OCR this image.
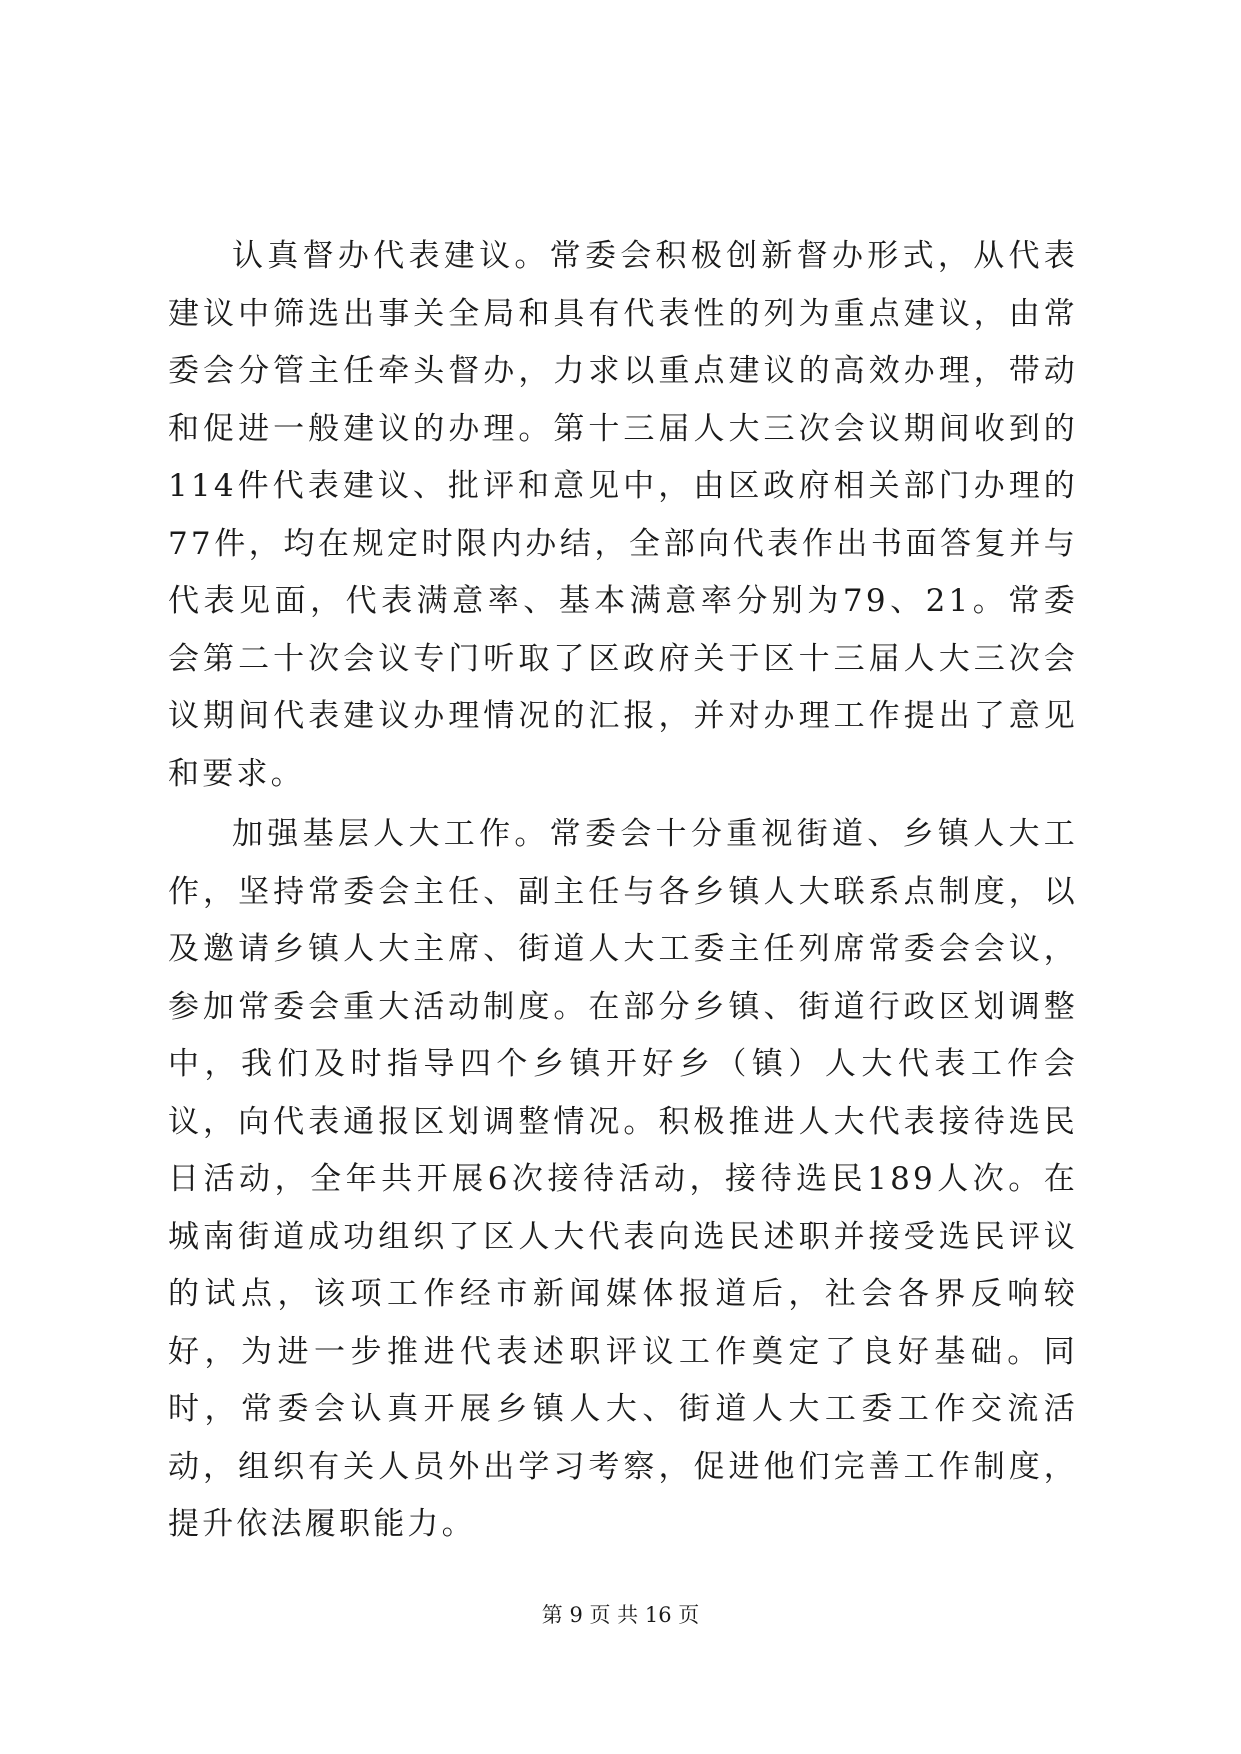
认真督办代表建议。常委会积极创新督办形式，从代表建议中筛选出事关全局和具有代表性的列为重点建议，由常委会分管主任牵头督办，力求以重点建议的高效办理，带动和促进一般建议的办理。第十三届人大三次会议期间收到的114件代表建议、批评和意见中，由区政府相关部门办理的77件，均在规定时限内办结，全部向代表作出书面答复并与代表见面，代表满意率、基本满意率分别为79、21。常委会第二十次会议专门听取了区政府关于区十三届人大三次会议期间代表建议办理情况的汇报，并对办理工作提出了意见和要求。

加强基层人大工作。常委会十分重视街道、乡镇人大工作，坚持常委会主任、副主任与各乡镇人大联系点制度，以及邀请乡镇人大主席、街道人大工委主任列席常委会会议，参加常委会重大活动制度。在部分乡镇、街道行政区划调整中，我们及时指导四个乡镇开好乡（镇）人大代表工作会议，向代表通报区划调整情况。积极推进人大代表接待选民日活动，全年共开展6次接待活动，接待选民189人次。在城南街道成功组织了区人大代表向选民述职并接受选民评议的试点，该项工作经市新闻媒体报道后，社会各界反响较好，为进一步推进代表述职评议工作奠定了良好基础。同时，常委会认真开展乡镇人大、街道人大工委工作交流活动，组织有关人员外出学习考察，促进他们完善工作制度，提升依法履职能力。

第 9 页 共 16 页
